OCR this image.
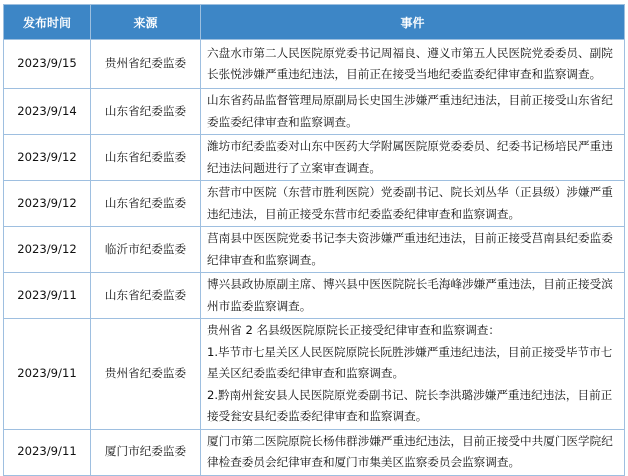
发布时间	来源	事件
2023/9/15	贵州省纪委监委	六盘水市第二人民医院原党委书记周福良、遵义市第五人民医院党委委员、副院长张悦涉嫌严重违纪违法，目前正在接受当地纪委监委纪律审查和监察调查。
2023/9/14	山东省纪委监委	山东省药品监督管理局原副局长史国生涉嫌严重违纪违法，目前正接受山东省纪委监委纪律审查和监察调查。
2023/9/12	山东省纪委监委	潍坊市纪委监委对山东中医药大学附属医院原党委委员、纪委书记杨培民严重违纪违法问题进行了立案审查调查。
2023/9/12	山东省纪委监委	东营市中医院（东营市胜利医院）党委副书记、院长刘丛华（正县级）涉嫌严重违纪违法，目前正接受东营市纪委监委纪律审查和监察调查。
2023/9/12	临沂市纪委监委	莒南县中医医院党委书记李夫资涉嫌严重违纪违法，目前正接受莒南县纪委监委纪律审查和监察调查。
2023/9/11	山东省纪委监委	博兴县政协原副主席、博兴县中医医院院长毛海峰涉嫌严重违法，目前正接受滨州市监委监察调查。
2023/9/11	贵州省纪委监委	贵州省 2 名县级医院原院长正接受纪律审查和监察调查：
1.毕节市七星关区人民医院原院长阮胜涉嫌严重违纪违法，目前正接受毕节市七星关区纪委监委纪律审查和监察调查。
2.黔南州瓮安县人民医院原党委副书记、院长李洪璐涉嫌严重违纪违法，目前正接受瓮安县纪委监委纪律审查和监察调查。

2023/9/11	厦门市纪委监委	厦门市第二医院原院长杨伟群涉嫌严重违纪违法，目前正接受中共厦门医学院纪律检查委员会纪律审查和厦门市集美区监察委员会监察调查。
